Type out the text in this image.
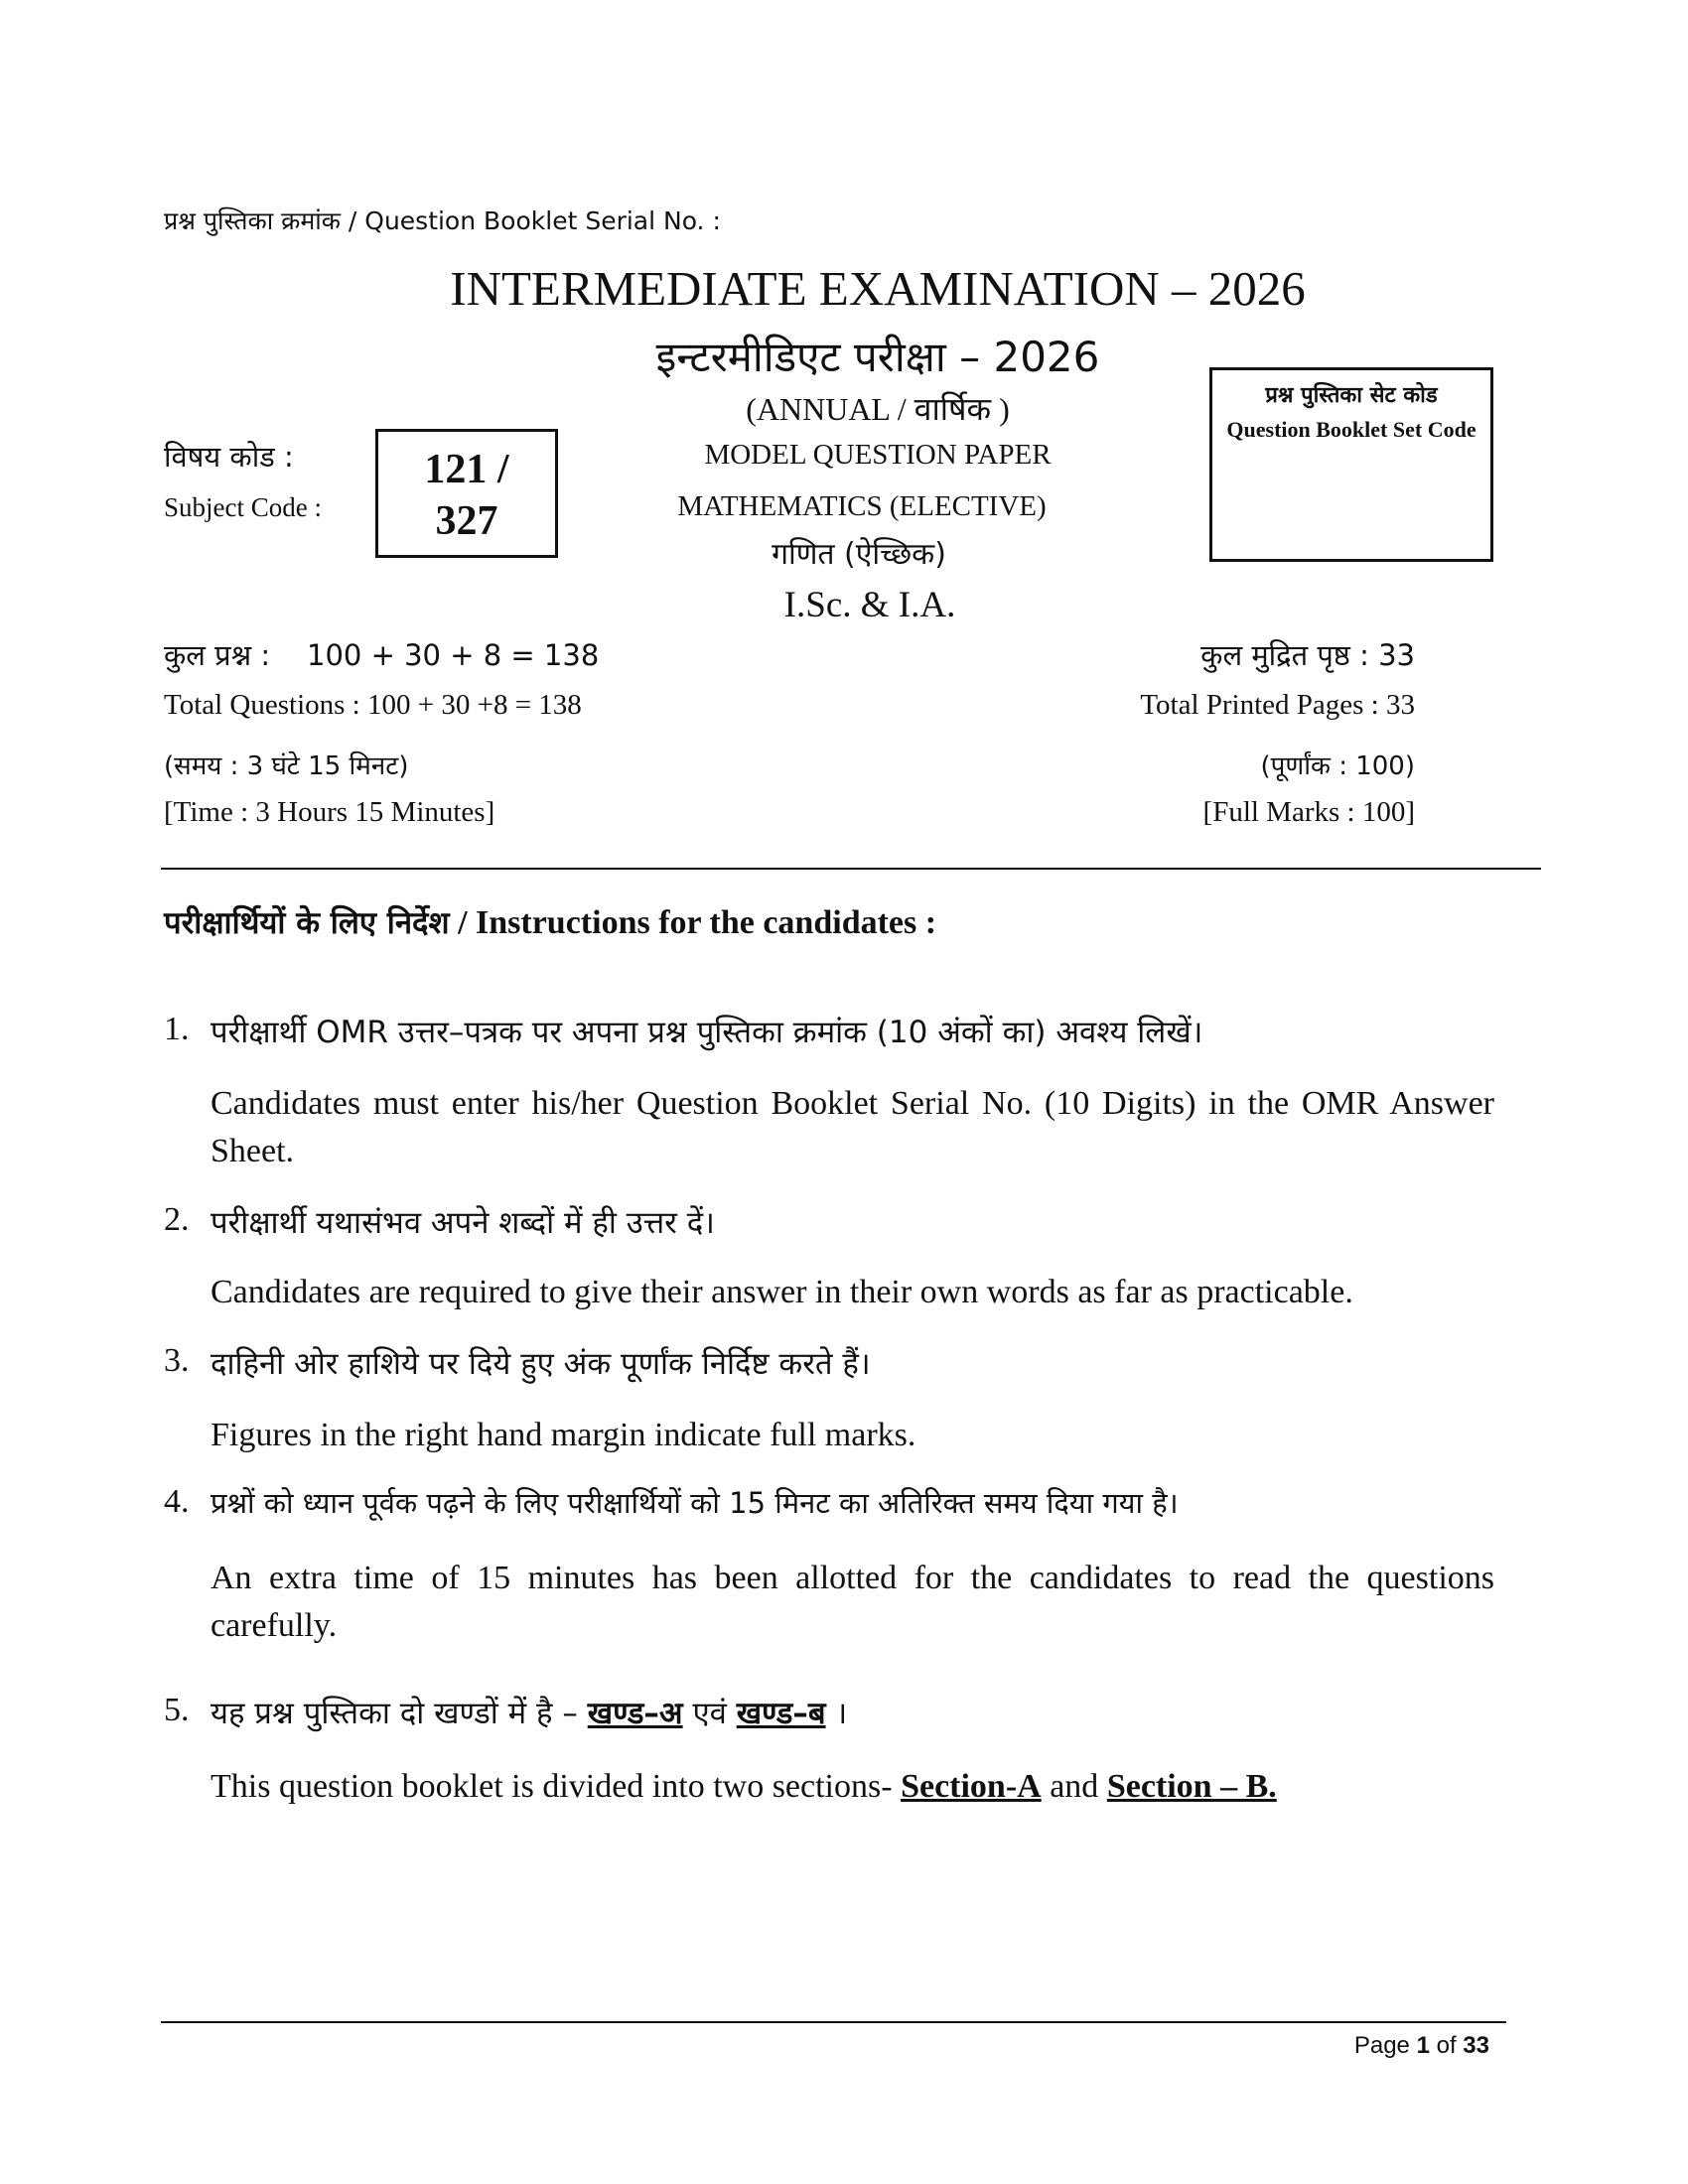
प्रश्न पुस्तिका क्रमांक / Question Booklet Serial No. :
INTERMEDIATE EXAMINATION – 2026
इन्टरमीडिएट परीक्षा – 2026
(ANNUAL / वार्षिक )
MODEL QUESTION PAPER
MATHEMATICS (ELECTIVE)
गणित (ऐच्छिक)
I.Sc. & I.A.
विषय कोड :
Subject Code :
121 /
327
प्रश्न पुस्तिका सेट कोड
Question Booklet Set Code
कुल प्रश्न :    100 + 30 + 8 = 138	कुल मुद्रित पृष्ठ : 33
Total Questions : 100 + 30 +8 = 138	Total Printed Pages : 33
(समय : 3 घंटे 15 मिनट)	(पूर्णांक : 100)
[Time : 3 Hours 15 Minutes]	[Full Marks : 100]
परीक्षार्थियों के लिए निर्देश / Instructions for the candidates :
1. परीक्षार्थी OMR उत्तर–पत्रक पर अपना प्रश्न पुस्तिका क्रमांक (10 अंकों का) अवश्य लिखें।
Candidates must enter his/her Question Booklet Serial No. (10 Digits) in the OMR Answer Sheet.
2. परीक्षार्थी यथासंभव अपने शब्दों में ही उत्तर दें।
Candidates are required to give their answer in their own words as far as practicable.
3. दाहिनी ओर हाशिये पर दिये हुए अंक पूर्णांक निर्दिष्ट करते हैं।
Figures in the right hand margin indicate full marks.
4. प्रश्नों को ध्यान पूर्वक पढ़ने के लिए परीक्षार्थियों को 15 मिनट का अतिरिक्त समय दिया गया है।
An extra time of 15 minutes has been allotted for the candidates to read the questions carefully.
5. यह प्रश्न पुस्तिका दो खण्डों में है – खण्ड–अ एवं खण्ड–ब ।
This question booklet is divided into two sections- Section-A and Section – B.
Page 1 of 33
